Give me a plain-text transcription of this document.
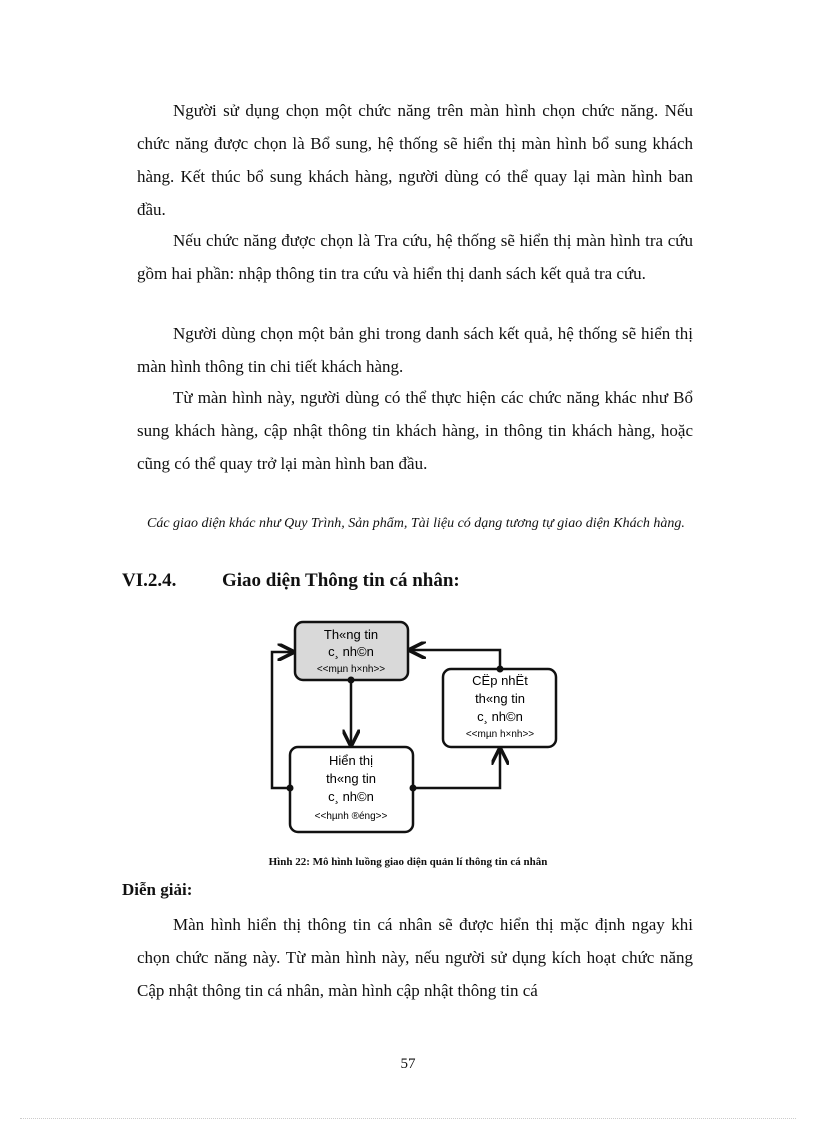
Người sử dụng chọn một chức năng trên màn hình chọn chức năng. Nếu chức năng được chọn là Bổ sung, hệ thống sẽ hiển thị màn hình bổ sung khách hàng. Kết thúc bổ sung khách hàng, người dùng có thể quay lại màn hình ban đầu.

Nếu chức năng được chọn là Tra cứu, hệ thống sẽ hiển thị màn hình tra cứu gồm hai phần: nhập thông tin tra cứu và hiển thị danh sách kết quả tra cứu.

Người dùng chọn một bản ghi trong danh sách kết quả, hệ thống sẽ hiển thị màn hình thông tin chi tiết khách hàng.

Từ màn hình này, người dùng có thể thực hiện các chức năng khác như Bổ sung khách hàng, cập nhật thông tin khách hàng, in thông tin khách hàng, hoặc cũng có thể quay trở lại màn hình ban đầu.

Các giao diện khác như Quy Trình, Sản phẩm, Tài liệu có dạng tương tự giao diện Khách hàng.

VI.2.4. Giao diện Thông tin cá nhân:
Th«ng tin
c¸ nh©n
<<mµn h×nh>>
Hiển thị
th«ng tin
c¸ nh©n
<<hµnh ®éng>>
CËp nhËt
th«ng tin
c¸ nh©n
<<mµn h×nh>>
Hình 22: Mô hình luồng giao diện quản lí thông tin cá nhân
Diễn giải:

Màn hình hiển thị thông tin cá nhân sẽ được hiển thị mặc định ngay khi chọn chức năng này. Từ màn hình này, nếu người sử dụng kích hoạt chức năng Cập nhật thông tin cá nhân, màn hình cập nhật thông tin cá

57
